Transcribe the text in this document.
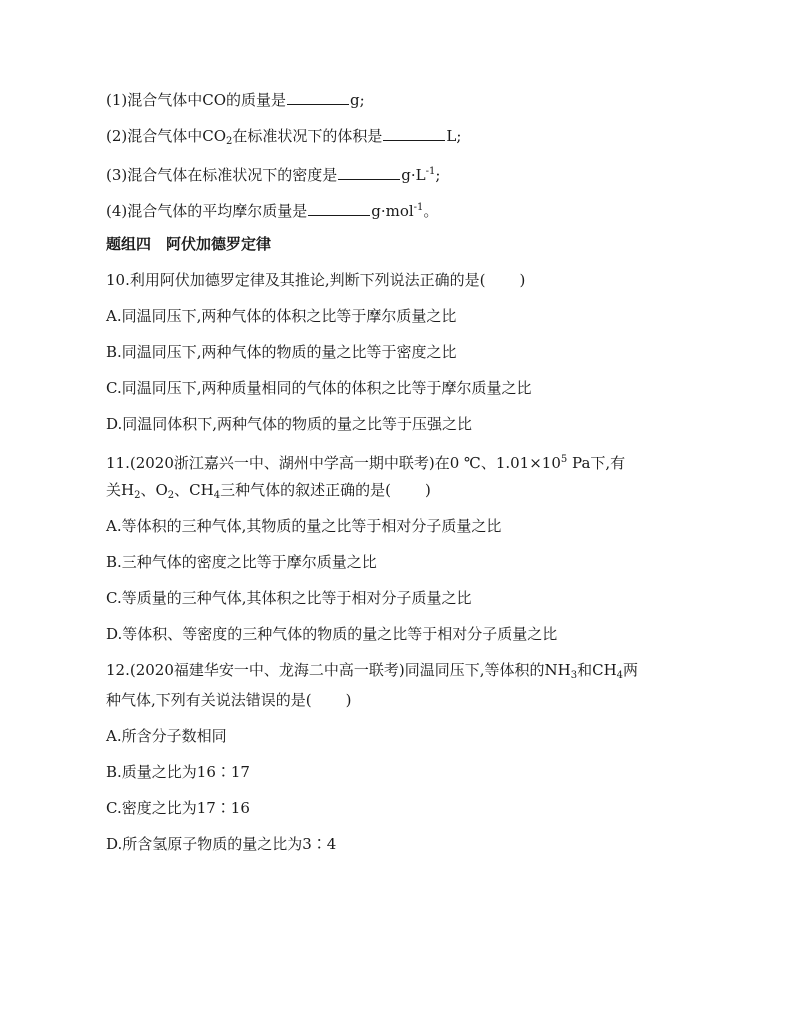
(1)混合气体中CO的质量是	g;
(2)混合气体中$CO_2$在标准状况下的体积是	L;
(3)混合气体在标准状况下的密度是	$g\cdot L^{-1}$;
(4)混合气体的平均摩尔质量是	g·mol$^{-1}$。
题组四　阿伏加德罗定律
10.利用阿伏加德罗定律及其推论,判断下列说法正确的是( )
A.同温同压下,两种气体的体积之比等于摩尔质量之比
B.同温同压下,两种气体的物质的量之比等于密度之比
C.同温同压下,两种质量相同的气体的体积之比等于摩尔质量之比
D.同温同体积下,两种气体的物质的量之比等于压强之比
11.(2020浙江嘉兴一中、湖州中学高一期中联考)在0 ℃、$1.01\times 10^5$ Pa下,有
关$H_2$、$O_2$、$CH_4$三种气体的叙述正确的是( )
A.等体积的三种气体,其物质的量之比等于相对分子质量之比
B.三种气体的密度之比等于摩尔质量之比
C.等质量的三种气体,其体积之比等于相对分子质量之比
D.等体积、等密度的三种气体的物质的量之比等于相对分子质量之比
12.(2020福建华安一中、龙海二中高一联考)同温同压下,等体积的$NH_3$和$CH_4$两
种气体,下列有关说法错误的是( )
A.所含分子数相同
B.质量之比为16∶17
C.密度之比为17∶16
D.所含氢原子物质的量之比为3∶4
